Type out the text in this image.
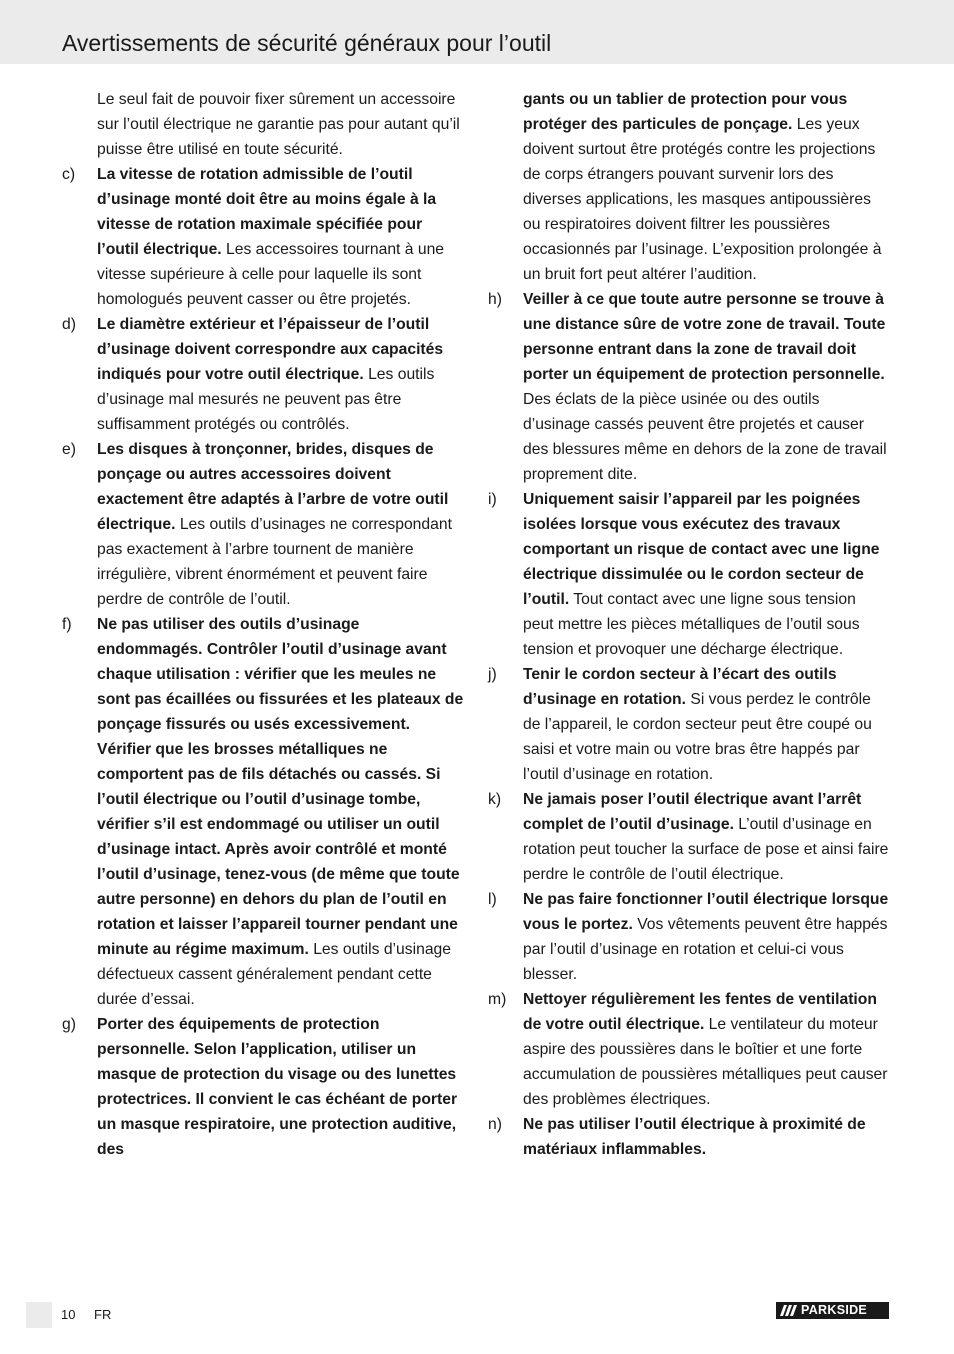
Avertissements de sécurité généraux pour l’outil
Le seul fait de pouvoir fixer sûrement un accessoire sur l’outil électrique ne garantie pas pour autant qu’il puisse être utilisé en toute sécurité.
c) La vitesse de rotation admissible de l’outil d’usinage monté doit être au moins égale à la vitesse de rotation maximale spécifiée pour l’outil électrique. Les accessoires tournant à une vitesse supérieure à celle pour laquelle ils sont homologués peuvent casser ou être projetés.
d) Le diamètre extérieur et l’épaisseur de l’outil d’usinage doivent correspondre aux capacités indiqués pour votre outil électrique. Les outils d’usinage mal mesurés ne peuvent pas être suffisamment protégés ou contrôlés.
e) Les disques à tronçonner, brides, disques de ponçage ou autres accessoires doivent exactement être adaptés à l’arbre de votre outil électrique. Les outils d’usinages ne correspondant pas exactement à l’arbre tournent de manière irrégulière, vibrent énormément et peuvent faire perdre de contrôle de l’outil.
f) Ne pas utiliser des outils d’usinage endommagés. Contrôler l’outil d’usinage avant chaque utilisation : vérifier que les meules ne sont pas écaillées ou fissurées et les plateaux de ponçage fissurés ou usés excessivement. Vérifier que les brosses métalliques ne comportent pas de fils détachés ou cassés. Si l’outil électrique ou l’outil d’usinage tombe, vérifier s’il est endommagé ou utiliser un outil d’usinage intact. Après avoir contrôlé et monté l’outil d’usinage, tenez-vous (de même que toute autre personne) en dehors du plan de l’outil en rotation et laisser l’appareil tourner pendant une minute au régime maximum. Les outils d’usinage défectueux cassent généralement pendant cette durée d’essai.
g) Porter des équipements de protection personnelle. Selon l’application, utiliser un masque de protection du visage ou des lunettes protectrices. Il convient le cas échéant de porter un masque respiratoire, une protection auditive, des
gants ou un tablier de protection pour vous protéger des particules de ponçage. Les yeux doivent surtout être protégés contre les projections de corps étrangers pouvant survenir lors des diverses applications, les masques antipoussières ou respiratoires doivent filtrer les poussières occasionnés par l’usinage. L’exposition prolongée à un bruit fort peut altérer l’audition.
h) Veiller à ce que toute autre personne se trouve à une distance sûre de votre zone de travail. Toute personne entrant dans la zone de travail doit porter un équipement de protection personnelle. Des éclats de la pièce usinée ou des outils d’usinage cassés peuvent être projetés et causer des blessures même en dehors de la zone de travail proprement dite.
i) Uniquement saisir l’appareil par les poignées isolées lorsque vous exécutez des travaux comportant un risque de contact avec une ligne électrique dissimulée ou le cordon secteur de l’outil. Tout contact avec une ligne sous tension peut mettre les pièces métalliques de l’outil sous tension et provoquer une décharge électrique.
j) Tenir le cordon secteur à l’écart des outils d’usinage en rotation. Si vous perdez le contrôle de l’appareil, le cordon secteur peut être coupé ou saisi et votre main ou votre bras être happés par l’outil d’usinage en rotation.
k) Ne jamais poser l’outil électrique avant l’arrêt complet de l’outil d’usinage. L’outil d’usinage en rotation peut toucher la surface de pose et ainsi faire perdre le contrôle de l’outil électrique.
l) Ne pas faire fonctionner l’outil électrique lorsque vous le portez. Vos vêtements peuvent être happés par l’outil d’usinage en rotation et celui-ci vous blesser.
m) Nettoyer régulièrement les fentes de ventilation de votre outil électrique. Le ventilateur du moteur aspire des poussières dans le boîtier et une forte accumulation de poussières métalliques peut causer des problèmes électriques.
n) Ne pas utiliser l’outil électrique à proximité de matériaux inflammables.
10 FR	PARKSIDE
